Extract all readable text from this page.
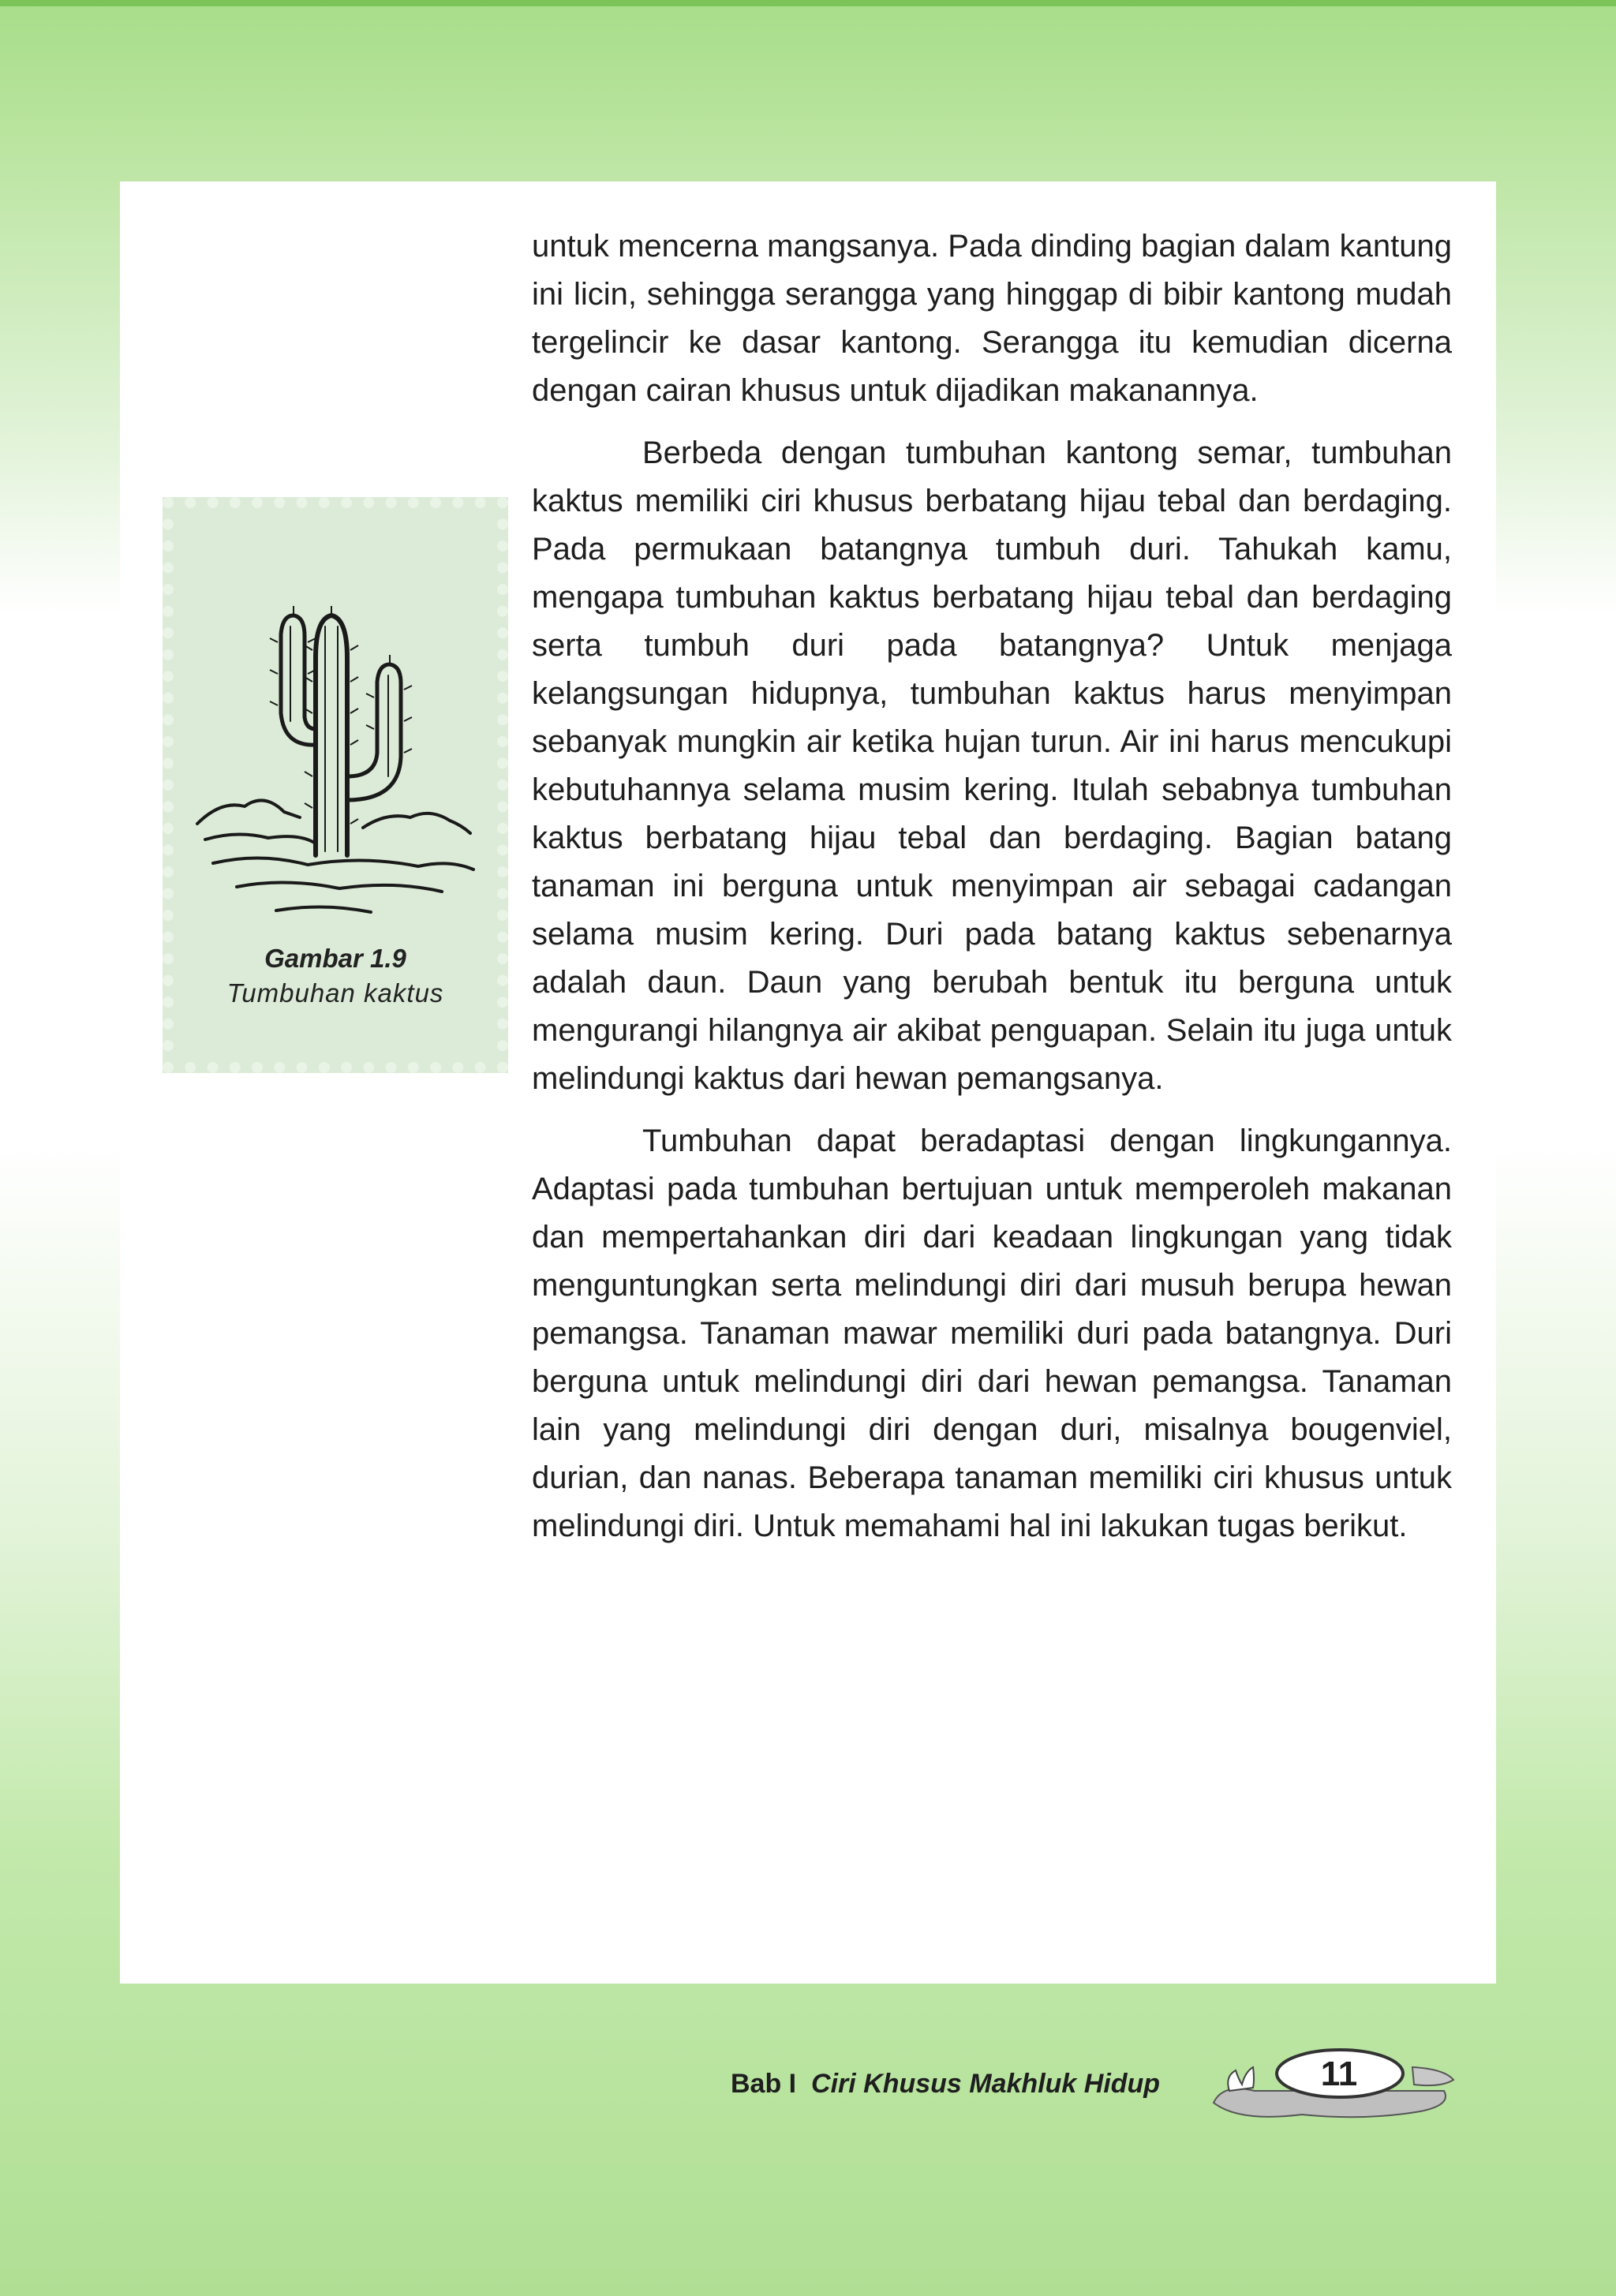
Gambar 1.9
Tumbuhan kaktus

untuk mencerna mangsanya. Pada dinding bagian dalam kantung ini licin, sehingga serangga yang hinggap di bibir kantong mudah tergelincir ke dasar kantong. Serangga itu kemudian dicerna dengan cairan khusus untuk dijadikan makanannya.

Berbeda dengan tumbuhan kantong semar, tumbuhan kaktus memiliki ciri khusus berbatang hijau tebal dan berdaging. Pada permukaan batangnya tumbuh duri. Tahukah kamu, mengapa tumbuhan kaktus berbatang hijau tebal dan berdaging serta tumbuh duri pada batangnya? Untuk menjaga kelangsungan hidupnya, tumbuhan kaktus harus menyimpan sebanyak mungkin air ketika hujan turun. Air ini harus mencukupi kebutuhannya selama musim kering. Itulah sebabnya tumbuhan kaktus berbatang hijau tebal dan berdaging. Bagian batang tanaman ini berguna untuk menyimpan air sebagai cadangan selama musim kering. Duri pada batang kaktus sebenarnya adalah daun. Daun yang berubah bentuk itu berguna untuk mengurangi hilangnya air akibat penguapan. Selain itu juga untuk melindungi kaktus dari hewan pemangsanya.

Tumbuhan dapat beradaptasi dengan lingkungannya. Adaptasi pada tumbuhan bertujuan untuk memperoleh makanan dan mempertahankan diri dari keadaan lingkungan yang tidak menguntungkan serta melindungi diri dari musuh berupa hewan pemangsa. Tanaman mawar memiliki duri pada batangnya. Duri berguna untuk melindungi diri dari hewan pemangsa. Tanaman lain yang melindungi diri dengan duri, misalnya bougenviel, durian, dan nanas. Beberapa tanaman memiliki ciri khusus untuk melindungi diri. Untuk memahami hal ini lakukan tugas berikut.

Bab I Ciri Khusus Makhluk Hidup	11
